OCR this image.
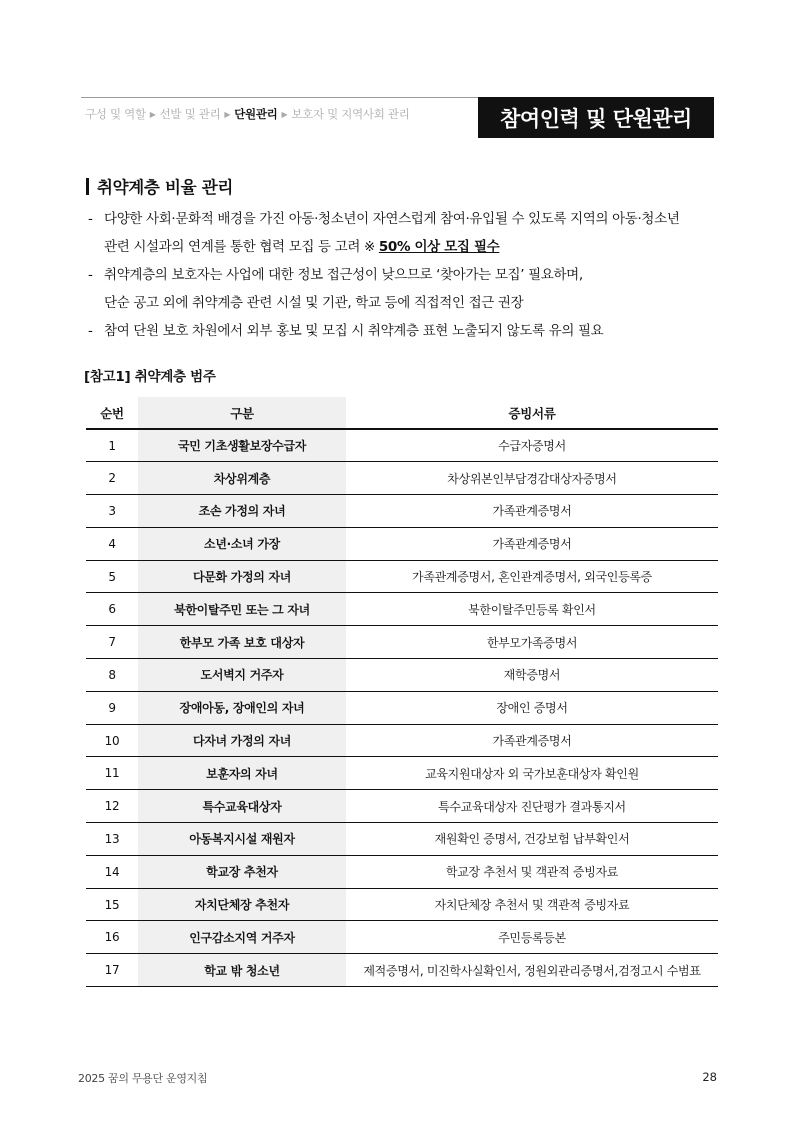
구성 및 역할 ▶ 선발 및 관리 ▶ 단원관리 ▶ 보호자 및 지역사회 관리	참여인력 및 단원관리
취약계층 비율 관리
- 다양한 사회·문화적 배경을 가진 아동·청소년이 자연스럽게 참여·유입될 수 있도록 지역의 아동·청소년
관련 시설과의 연계를 통한 협력 모집 등 고려 ※ 50% 이상 모집 필수
- 취약계층의 보호자는 사업에 대한 정보 접근성이 낮으므로 ‘찾아가는 모집’ 필요하며,
단순 공고 외에 취약계층 관련 시설 및 기관, 학교 등에 직접적인 접근 권장
- 참여 단원 보호 차원에서 외부 홍보 및 모집 시 취약계층 표현 노출되지 않도록 유의 필요
[참고1] 취약계층 범주
순번	구분	증빙서류
1	국민 기초생활보장수급자	수급자증명서
2	차상위계층	차상위본인부담경감대상자증명서
3	조손 가정의 자녀	가족관계증명서
4	소년·소녀 가장	가족관계증명서
5	다문화 가정의 자녀	가족관계증명서, 혼인관계증명서, 외국인등록증
6	북한이탈주민 또는 그 자녀	북한이탈주민등록 확인서
7	한부모 가족 보호 대상자	한부모가족증명서
8	도서벽지 거주자	재학증명서
9	장애아동, 장애인의 자녀	장애인 증명서
10	다자녀 가정의 자녀	가족관계증명서
11	보훈자의 자녀	교육지원대상자 외 국가보훈대상자 확인원
12	특수교육대상자	특수교육대상자 진단평가 결과통지서
13	아동복지시설 재원자	재원확인 증명서, 건강보험 납부확인서
14	학교장 추천자	학교장 추천서 및 객관적 증빙자료
15	자치단체장 추천자	자치단체장 추천서 및 객관적 증빙자료
16	인구감소지역 거주자	주민등록등본
17	학교 밖 청소년	제적증명서, 미진학사실확인서, 정원외관리증명서,검정고시 수범표
2025 꿈의 무용단 운영지침	28
